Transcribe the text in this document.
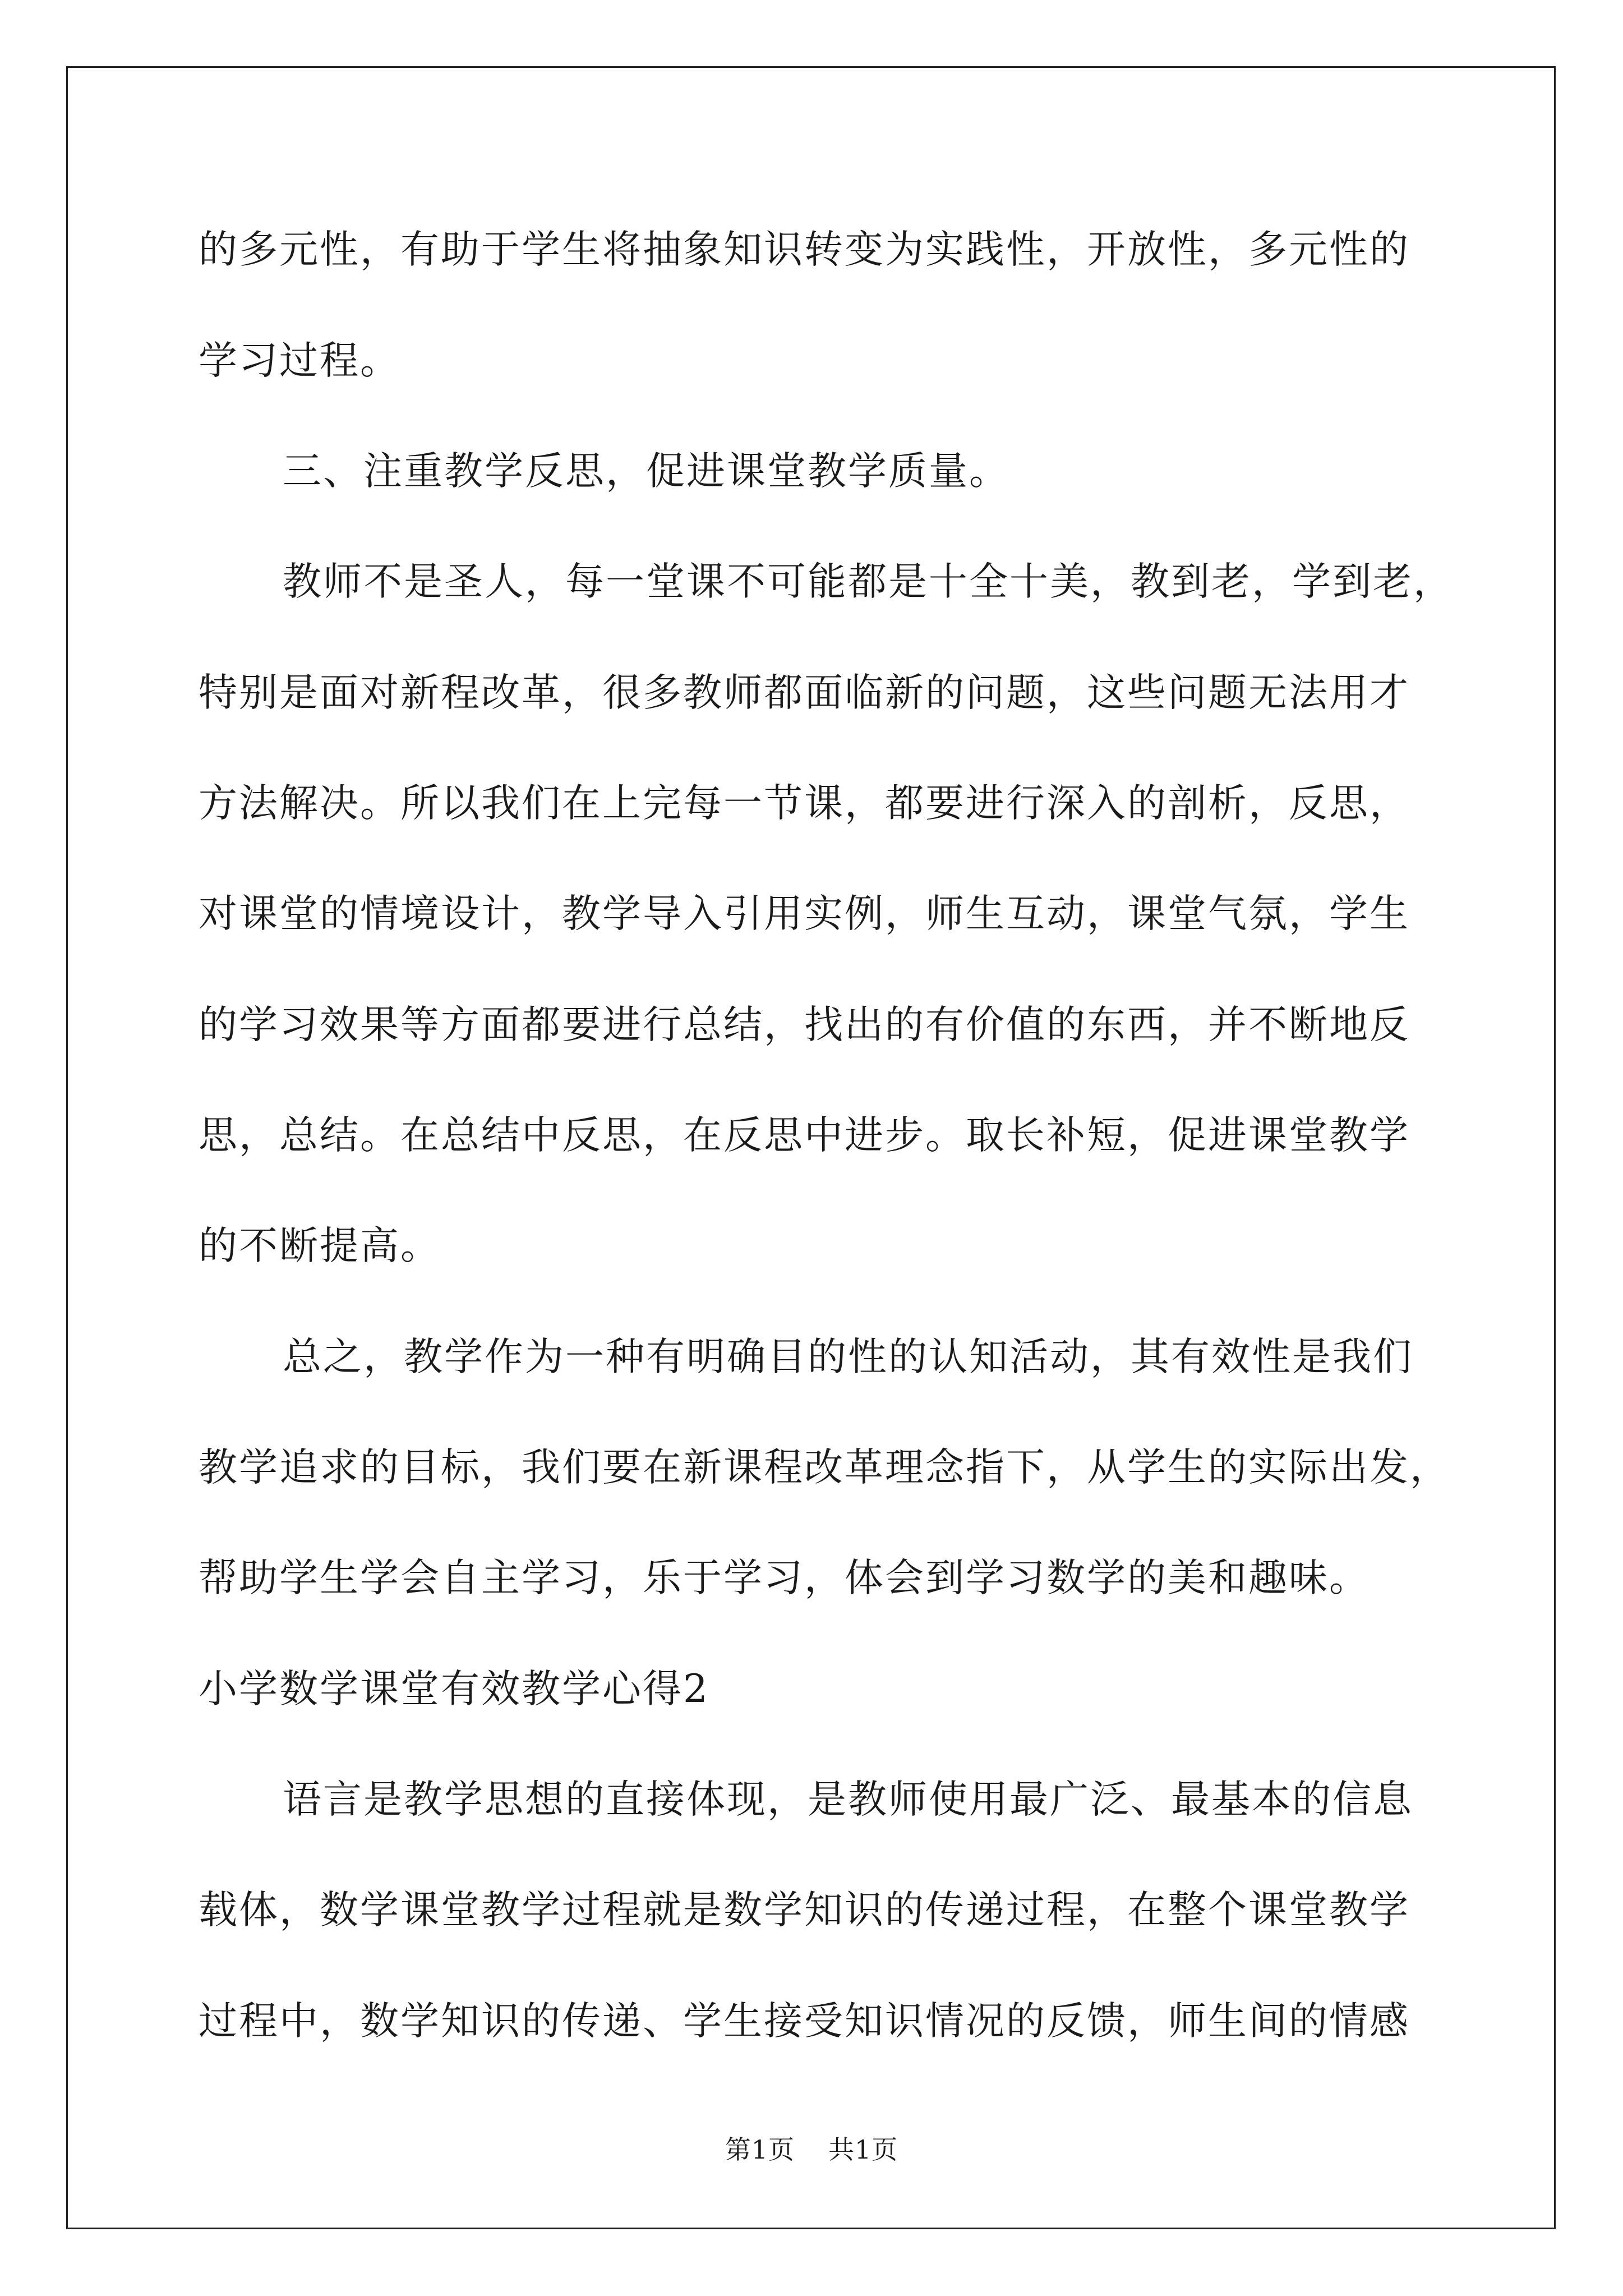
的多元性，有助于学生将抽象知识转变为实践性，开放性，多元性的
学习过程。
三、注重教学反思，促进课堂教学质量。
教师不是圣人，每一堂课不可能都是十全十美，教到老，学到老，
特别是面对新程改革，很多教师都面临新的问题，这些问题无法用才
方法解决。所以我们在上完每一节课，都要进行深入的剖析，反思，
对课堂的情境设计，教学导入引用实例，师生互动，课堂气氛，学生
的学习效果等方面都要进行总结，找出的有价值的东西，并不断地反
思，总结。在总结中反思，在反思中进步。取长补短，促进课堂教学
的不断提高。
总之，教学作为一种有明确目的性的认知活动，其有效性是我们
教学追求的目标，我们要在新课程改革理念指下，从学生的实际出发，
帮助学生学会自主学习，乐于学习，体会到学习数学的美和趣味。
小学数学课堂有效教学心得2
语言是教学思想的直接体现，是教师使用最广泛、最基本的信息
载体，数学课堂教学过程就是数学知识的传递过程，在整个课堂教学
过程中，数学知识的传递、学生接受知识情况的反馈，师生间的情感
第1页 共1页
